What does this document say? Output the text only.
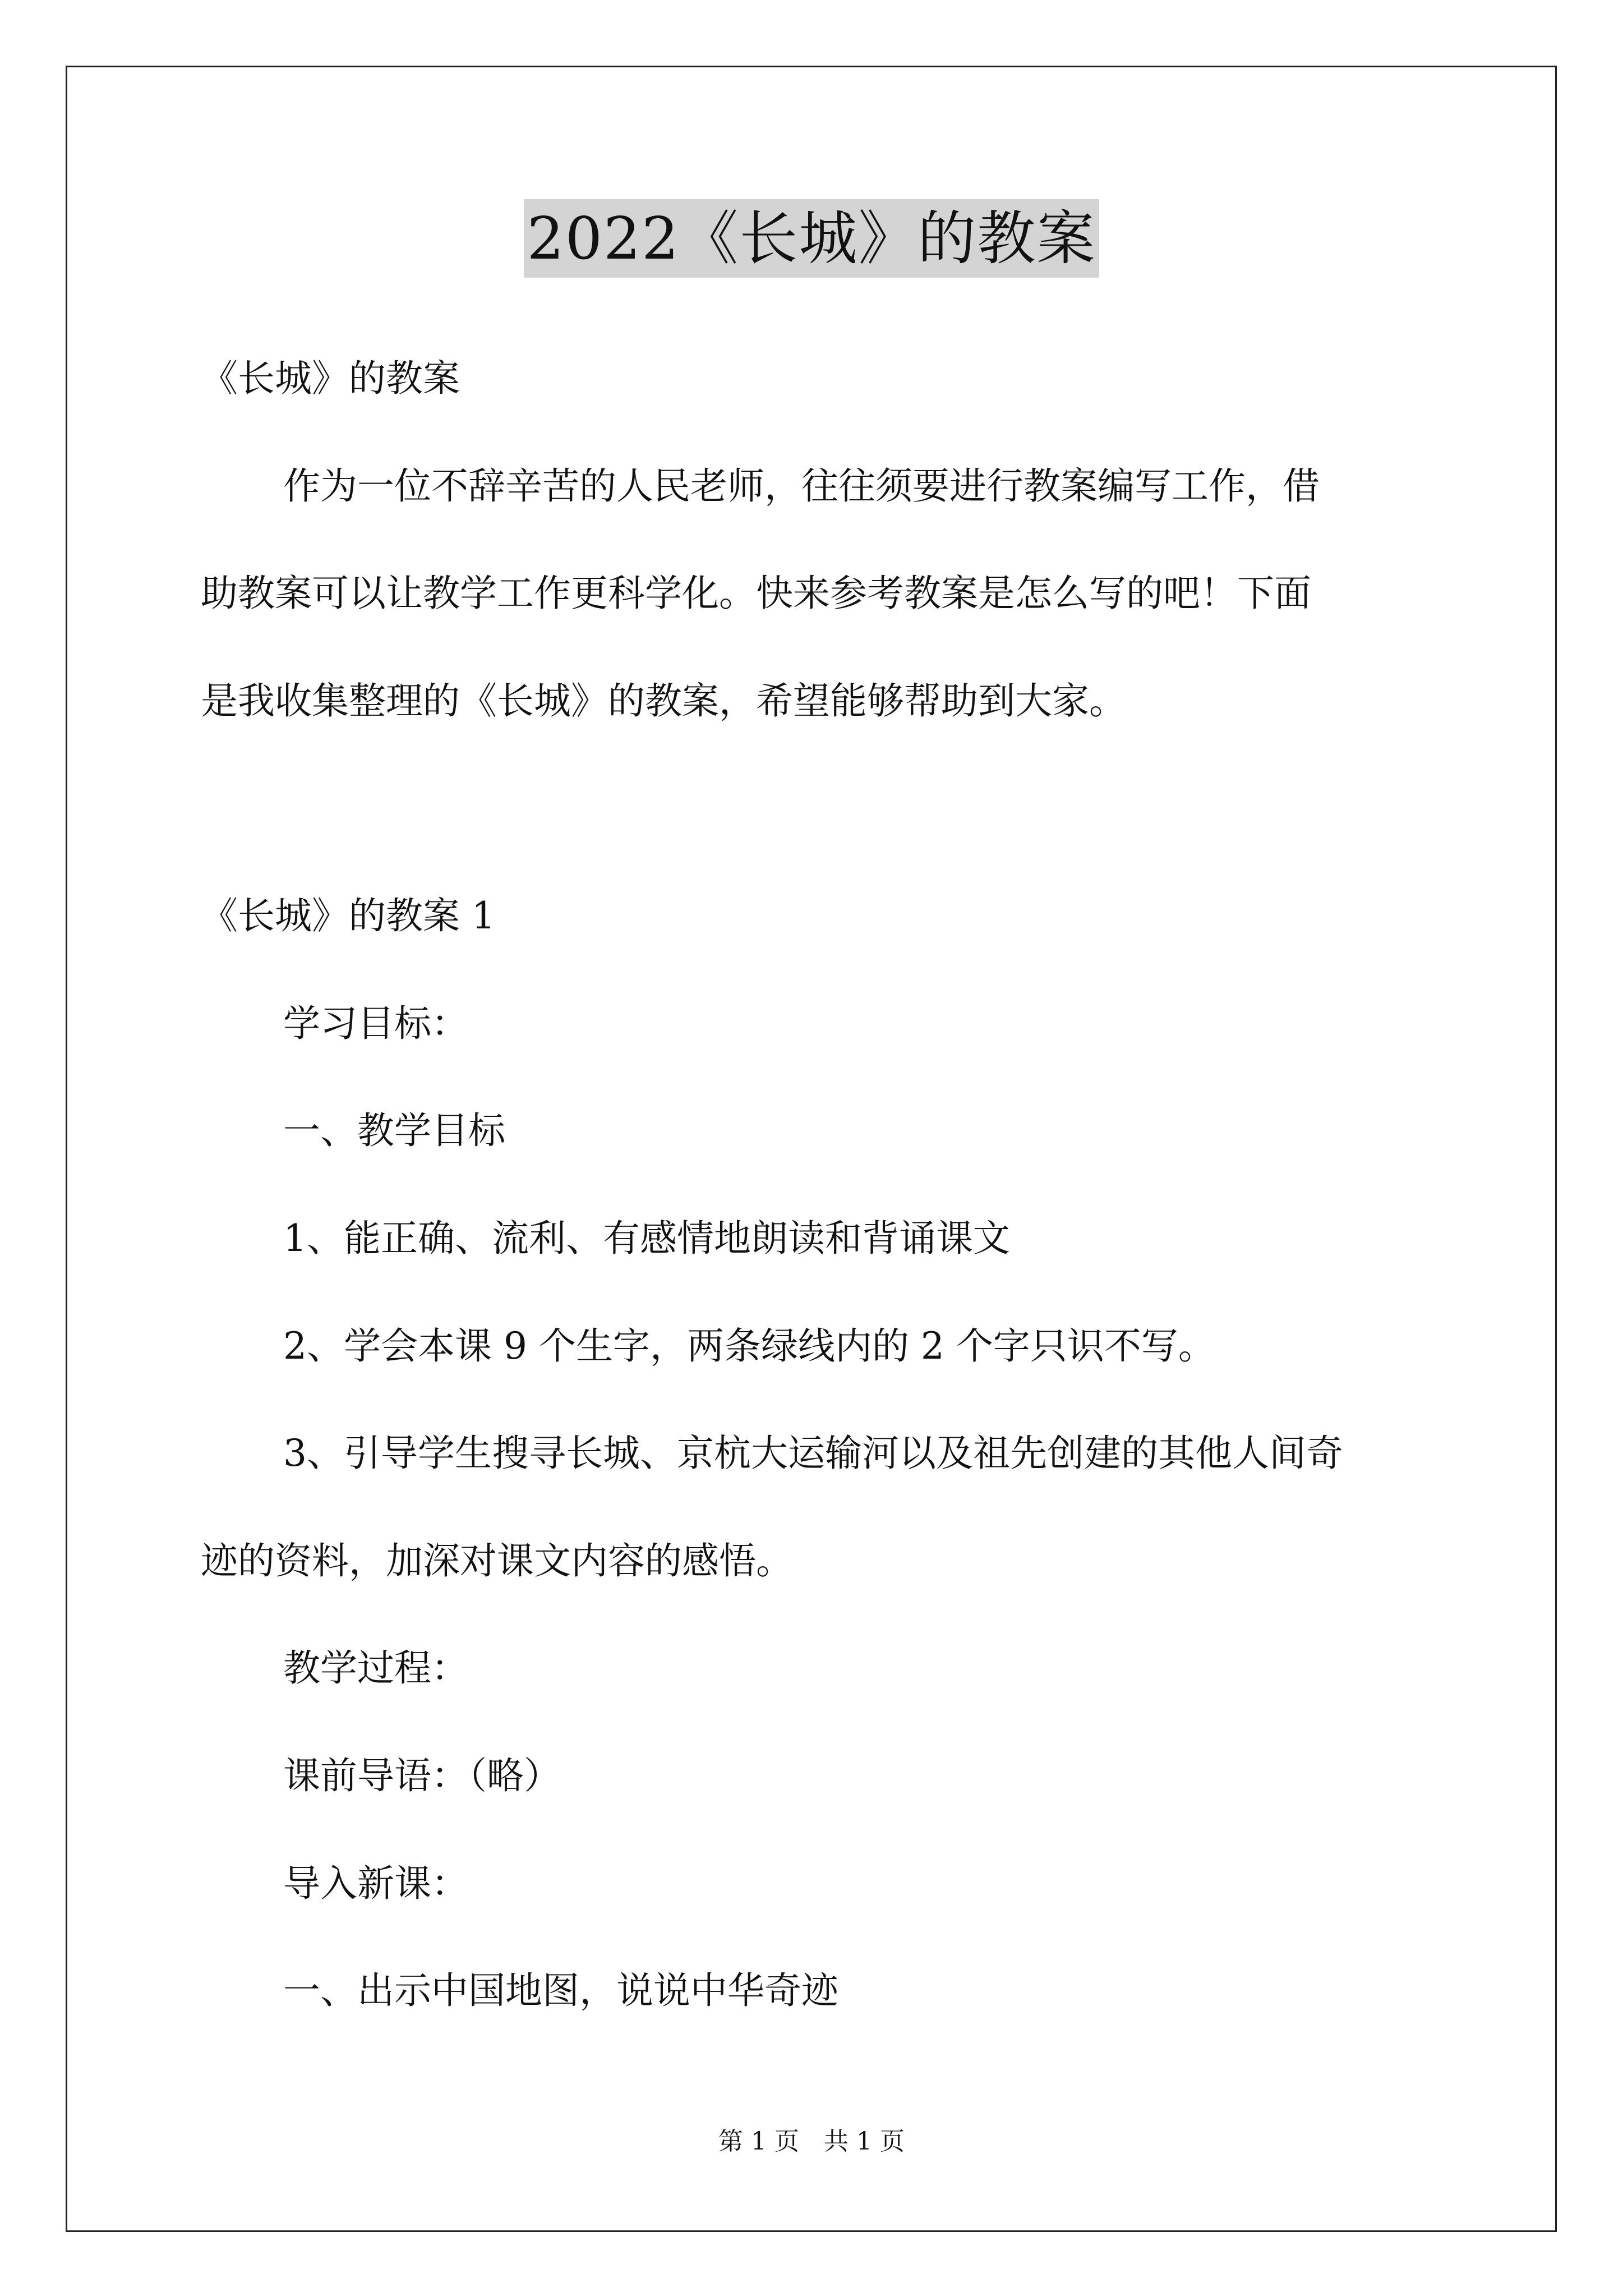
2022《长城》的教案

《长城》的教案

作为一位不辞辛苦的人民老师，往往须要进行教案编写工作，借

助教案可以让教学工作更科学化。快来参考教案是怎么写的吧！下面

是我收集整理的《长城》的教案，希望能够帮助到大家。

《长城》的教案 1

学习目标：

一、教学目标

1、能正确、流利、有感情地朗读和背诵课文

2、学会本课 9 个生字，两条绿线内的 2 个字只识不写。

3、引导学生搜寻长城、京杭大运输河以及祖先创建的其他人间奇

迹的资料，加深对课文内容的感悟。

教学过程：

课前导语：（略）

导入新课：

一、出示中国地图，说说中华奇迹

第 1 页　共 1 页
